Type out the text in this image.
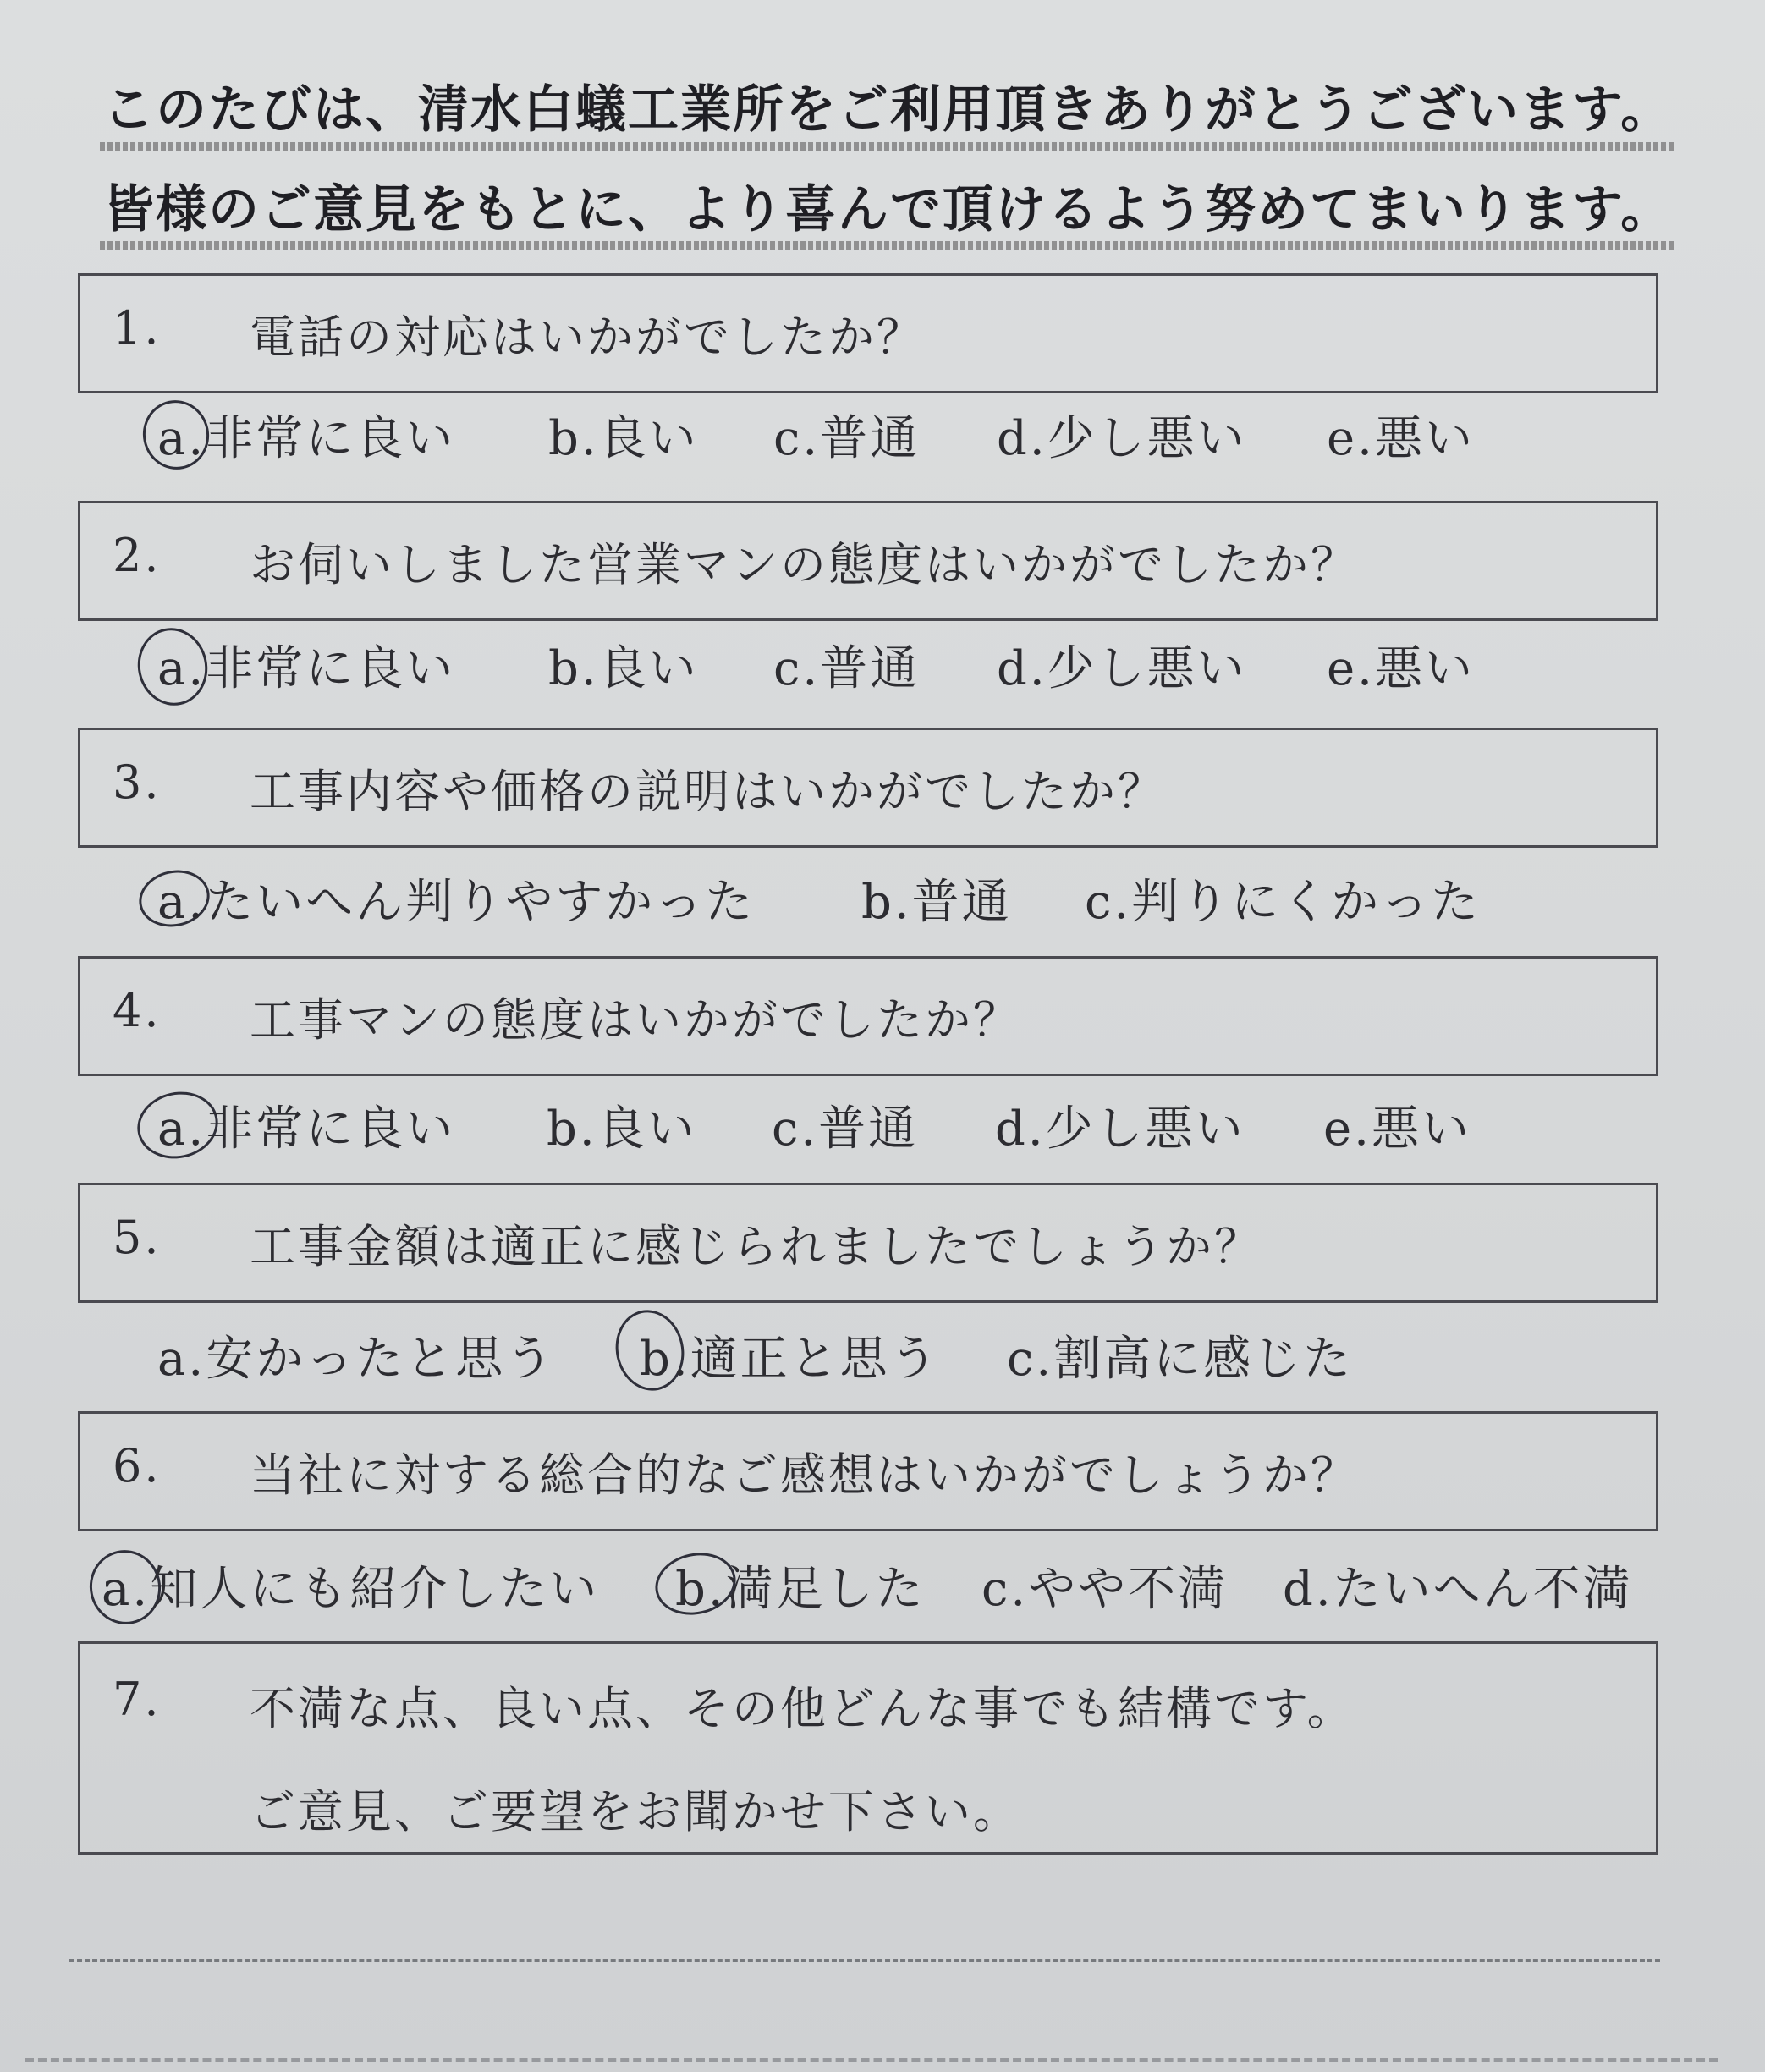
このたびは、清水白蟻工業所をご利用頂きありがとうございます。
皆様のご意見をもとに、より喜んで頂けるよう努めてまいります。
1. 電話の対応はいかがでしたか？
a.非常に良い b.良い c.普通 d.少し悪い e.悪い
2. お伺いしました営業マンの態度はいかがでしたか？
a.非常に良い b.良い c.普通 d.少し悪い e.悪い
3. 工事内容や価格の説明はいかがでしたか？
a.たいへん判りやすかった b.普通 c.判りにくかった
4. 工事マンの態度はいかがでしたか？
a.非常に良い b.良い c.普通 d.少し悪い e.悪い
5. 工事金額は適正に感じられましたでしょうか？
a.安かったと思う b.適正と思う c.割高に感じた
6. 当社に対する総合的なご感想はいかがでしょうか？
a.知人にも紹介したい b.満足した c.やや不満 d.たいへん不満
7. 不満な点、良い点、その他どんな事でも結構です。
ご意見、ご要望をお聞かせ下さい。
